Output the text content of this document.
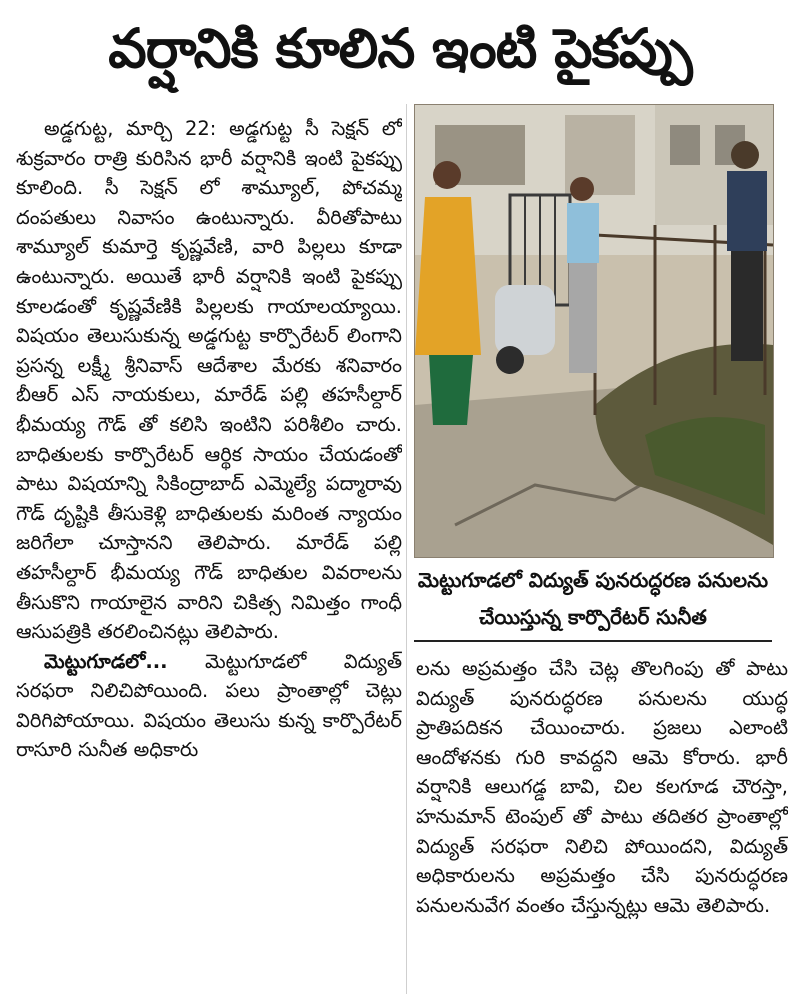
వర్షానికి కూలిన ఇంటి పైకప్పు

అడ్డగుట్ట, మార్చి 22: అడ్డగుట్ట సీ సెక్షన్ లో శుక్రవారం రాత్రి కురిసిన భారీ వర్షానికి ఇంటి పైకప్పు కూలింది. సీ సెక్షన్ లో శామ్యూల్, పోచమ్మ దంపతులు నివాసం ఉంటున్నారు. వీరితోపాటు శామ్యూల్ కుమార్తె కృష్ణవేణి, వారి పిల్లలు కూడా ఉంటున్నారు. అయితే భారీ వర్షానికి ఇంటి పైకప్పు కూలడంతో కృష్ణవేణికి పిల్లలకు గాయాలయ్యాయి. విషయం తెలుసుకున్న అడ్డగుట్ట కార్పొరేటర్ లింగాని ప్రసన్న లక్ష్మీ శ్రీనివాస్ ఆదేశాల మేరకు శనివారం బీఆర్ ఎస్ నాయకులు, మారేడ్ పల్లి తహసీల్దార్ భీమయ్య గౌడ్ తో కలిసి ఇంటిని పరిశీలిం చారు. బాధితులకు కార్పొరేటర్ ఆర్థిక సాయం చేయడంతో పాటు విషయాన్ని సికింద్రాబాద్ ఎమ్మెల్యే పద్మారావు గౌడ్ దృష్టికి తీసుకెళ్లి బాధితులకు మరింత న్యాయం జరిగేలా చూస్తానని తెలిపారు. మారేడ్ పల్లి తహసీల్దార్ భీమయ్య గౌడ్ బాధితుల వివరాలను తీసుకొని గాయాలైన వారిని చికిత్స నిమిత్తం గాంధీ ఆసుపత్రికి తరలించినట్లు తెలిపారు.

మెట్టుగూడలో... మెట్టుగూడలో విద్యుత్ సరఫరా నిలిచిపోయింది. పలు ప్రాంతాల్లో చెట్లు విరిగిపోయాయి. విషయం తెలుసు కున్న కార్పొరేటర్ రాసూరి సునీత అధికారు

మెట్టుగూడలో విద్యుత్ పునరుద్ధరణ పనులను చేయిస్తున్న కార్పొరేటర్ సునీత

లను అప్రమత్తం చేసి చెట్ల తొలగింపు తో పాటు విద్యుత్ పునరుద్ధరణ పనులను యుద్ధ ప్రాతిపదికన చేయించారు. ప్రజలు ఎలాంటి ఆందోళనకు గురి కావద్దని ఆమె కోరారు. భారీ వర్షానికి ఆలుగడ్డ బావి, చిల కలగూడ చౌరస్తా, హనుమాన్ టెంపుల్ తో పాటు తదితర ప్రాంతాల్లో విద్యుత్ సరఫరా నిలిచి పోయిందని, విద్యుత్ అధికారులను అప్రమత్తం చేసి పునరుద్ధరణ పనులనువేగ వంతం చేస్తున్నట్లు ఆమె తెలిపారు.
